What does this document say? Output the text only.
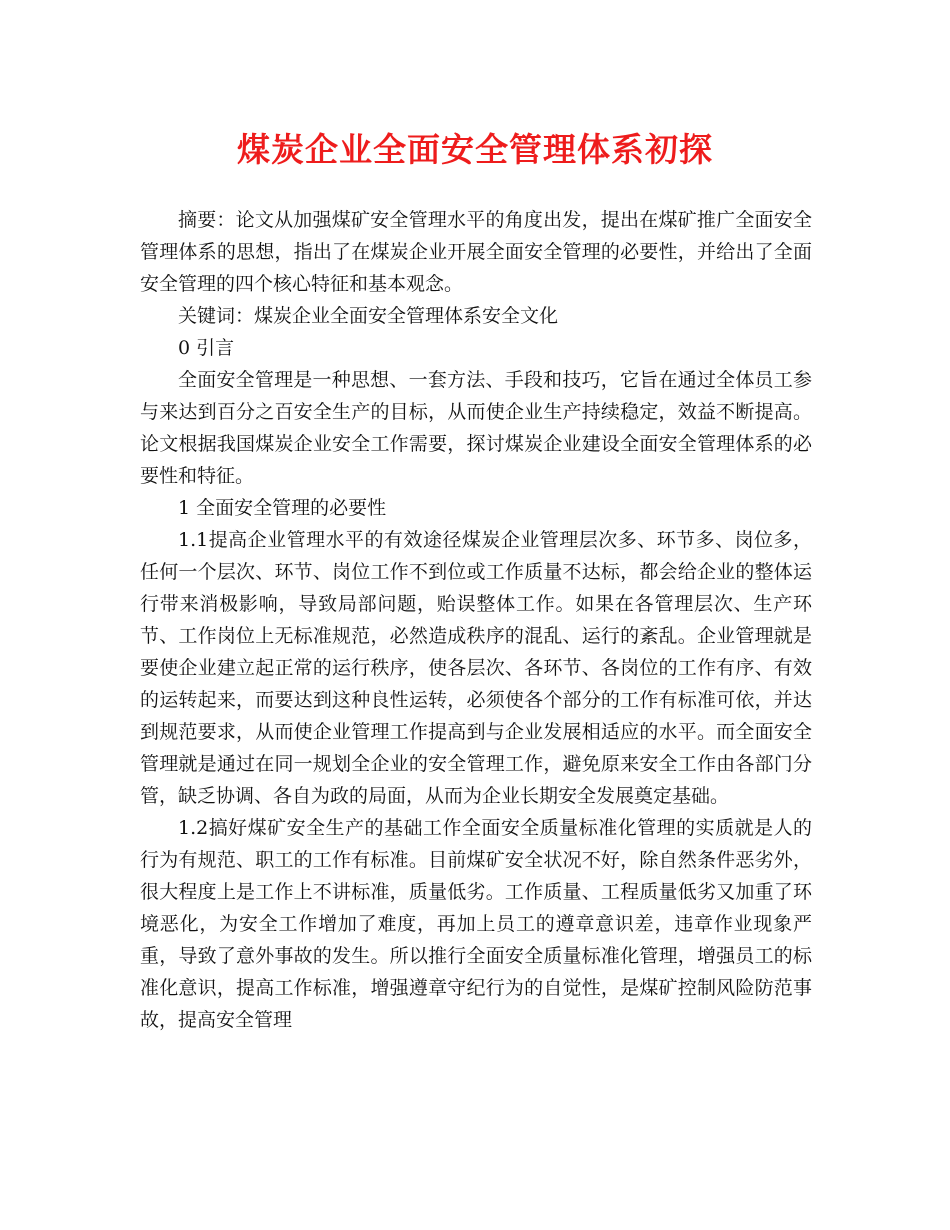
煤炭企业全面安全管理体系初探

摘要：论文从加强煤矿安全管理水平的角度出发，提出在煤矿推广全面安全管理体系的思想，指出了在煤炭企业开展全面安全管理的必要性，并给出了全面安全管理的四个核心特征和基本观念。

关键词：煤炭企业全面安全管理体系安全文化

0 引言

全面安全管理是一种思想、一套方法、手段和技巧，它旨在通过全体员工参与来达到百分之百安全生产的目标，从而使企业生产持续稳定，效益不断提高。论文根据我国煤炭企业安全工作需要，探讨煤炭企业建设全面安全管理体系的必要性和特征。

1 全面安全管理的必要性

1.1提高企业管理水平的有效途径煤炭企业管理层次多、环节多、岗位多，任何一个层次、环节、岗位工作不到位或工作质量不达标，都会给企业的整体运行带来消极影响，导致局部问题，贻误整体工作。如果在各管理层次、生产环节、工作岗位上无标准规范，必然造成秩序的混乱、运行的紊乱。企业管理就是要使企业建立起正常的运行秩序，使各层次、各环节、各岗位的工作有序、有效的运转起来，而要达到这种良性运转，必须使各个部分的工作有标准可依，并达到规范要求，从而使企业管理工作提高到与企业发展相适应的水平。而全面安全管理就是通过在同一规划全企业的安全管理工作，避免原来安全工作由各部门分管，缺乏协调、各自为政的局面，从而为企业长期安全发展奠定基础。

1.2搞好煤矿安全生产的基础工作全面安全质量标准化管理的实质就是人的行为有规范、职工的工作有标准。目前煤矿安全状况不好，除自然条件恶劣外，很大程度上是工作上不讲标准，质量低劣。工作质量、工程质量低劣又加重了环境恶化，为安全工作增加了难度，再加上员工的遵章意识差，违章作业现象严重，导致了意外事故的发生。所以推行全面安全质量标准化管理，增强员工的标准化意识，提高工作标准，增强遵章守纪行为的自觉性，是煤矿控制风险防范事故，提高安全管理
